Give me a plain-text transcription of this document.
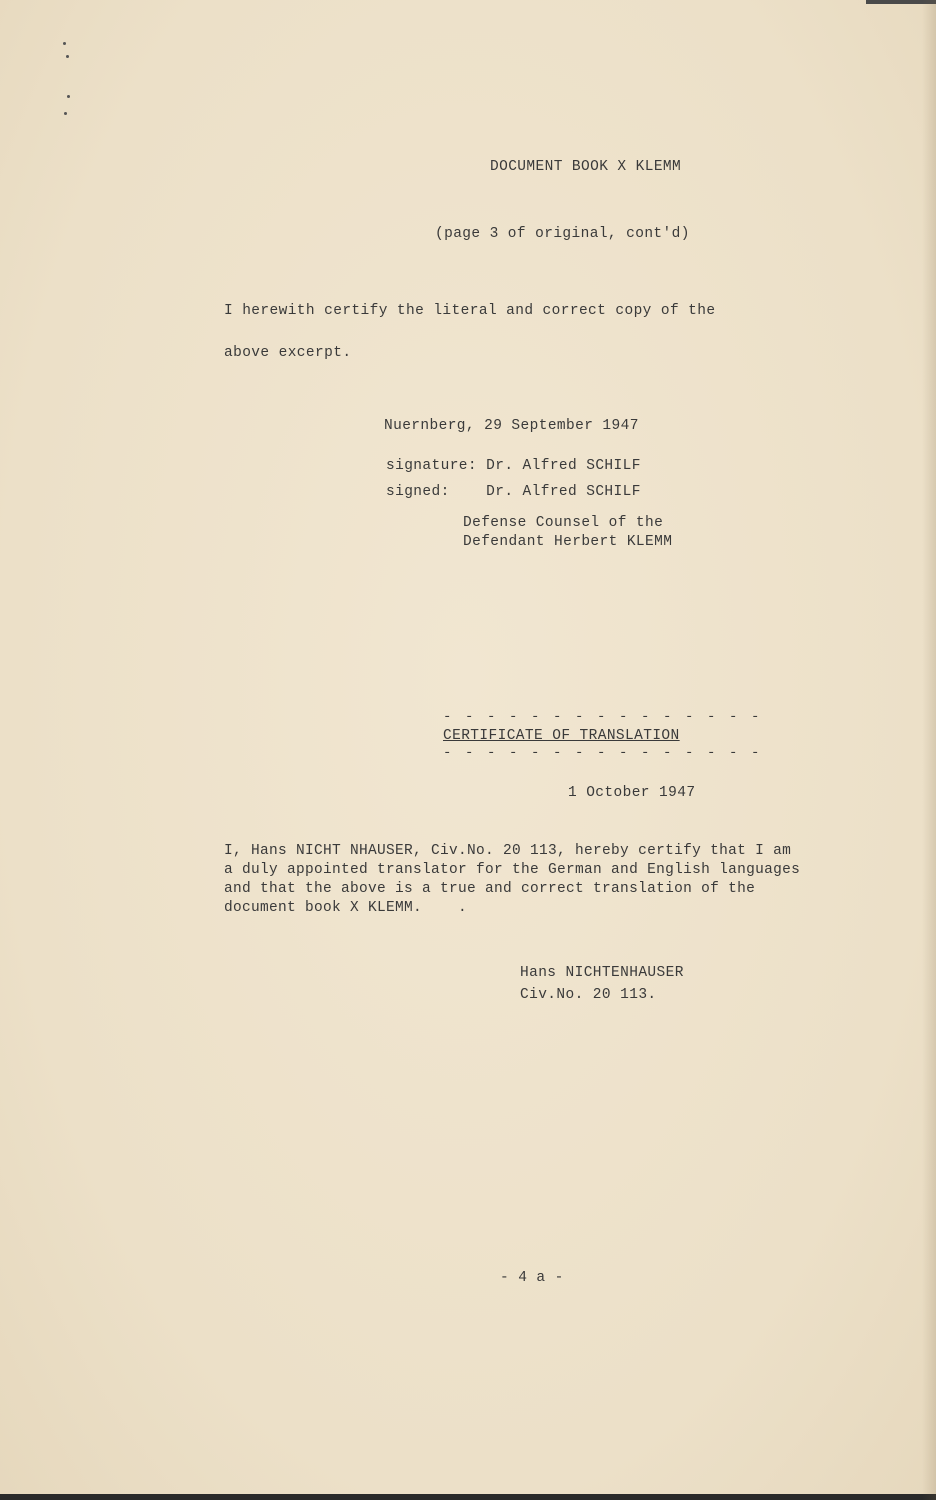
DOCUMENT BOOK X KLEMM
(page 3 of original, cont'd)
I herewith certify the literal and correct copy of the
above excerpt.
Nuernberg, 29 September 1947
signature: Dr. Alfred SCHILF
signed:    Dr. Alfred SCHILF
Defense Counsel of the
Defendant Herbert KLEMM
- - - - - - - - - - - - - - -
CERTIFICATE OF TRANSLATION
- - - - - - - - - - - - - - -
1 October 1947
I, Hans NICHT NHAUSER, Civ.No. 20 113, hereby certify that I am
a duly appointed translator for the German and English languages
and that the above is a true and correct translation of the
document book X KLEMM.    .
Hans NICHTENHAUSER
Civ.No. 20 113.
- 4 a -
